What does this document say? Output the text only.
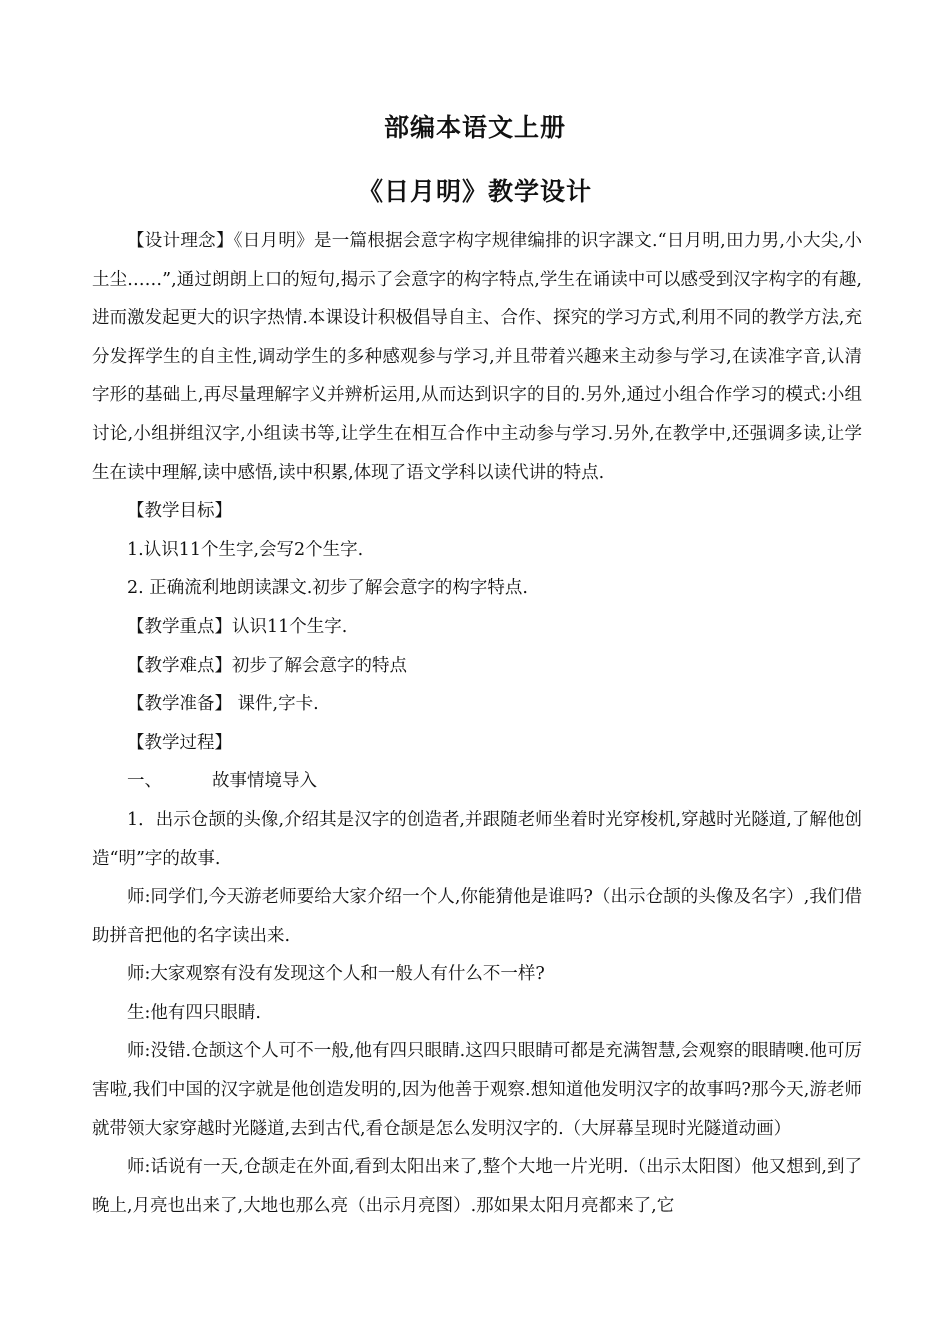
部编本语文上册
《日月明》教学设计

【设计理念】《日月明》是一篇根据会意字构字规律编排的识字課文.“日月明,田力男,小大尖,小土尘……”,通过朗朗上口的短句,揭示了会意字的构字特点,学生在诵读中可以感受到汉字构字的有趣,进而激发起更大的识字热情.本课设计积极倡导自主、合作、探究的学习方式,利用不同的教学方法,充分发挥学生的自主性,调动学生的多种感观参与学习,并且带着兴趣来主动参与学习,在读准字音,认清字形的基础上,再尽量理解字义并辨析运用,从而达到识字的目的.另外,通过小组合作学习的模式:小组讨论,小组拼组汉字,小组读书等,让学生在相互合作中主动参与学习.另外,在教学中,还强调多读,让学生在读中理解,读中感悟,读中积累,体现了语文学科以读代讲的特点.

【教学目标】

1.认识11个生字,会写2个生字.

2. 正确流利地朗读課文.初步了解会意字的构字特点.

【教学重点】认识11个生字.

【教学难点】初步了解会意字的特点

【教学准备】 课件,字卡.

【教学过程】

一、	故事情境导入

1．出示仓颉的头像,介绍其是汉字的创造者,并跟随老师坐着时光穿梭机,穿越时光隧道,了解他创造“明”字的故事.

师:同学们,今天游老师要给大家介绍一个人,你能猜他是谁吗?（出示仓颉的头像及名字）,我们借助拼音把他的名字读出来.

师:大家观察有没有发现这个人和一般人有什么不一样?

生:他有四只眼睛.

师:没错.仓颉这个人可不一般,他有四只眼睛.这四只眼睛可都是充满智慧,会观察的眼睛噢.他可厉害啦,我们中国的汉字就是他创造发明的,因为他善于观察.想知道他发明汉字的故事吗?那今天,游老师就带领大家穿越时光隧道,去到古代,看仓颉是怎么发明汉字的.（大屏幕呈现时光隧道动画）

师:话说有一天,仓颉走在外面,看到太阳出来了,整个大地一片光明.（出示太阳图）他又想到,到了晚上,月亮也出来了,大地也那么亮（出示月亮图）.那如果太阳月亮都来了,它
